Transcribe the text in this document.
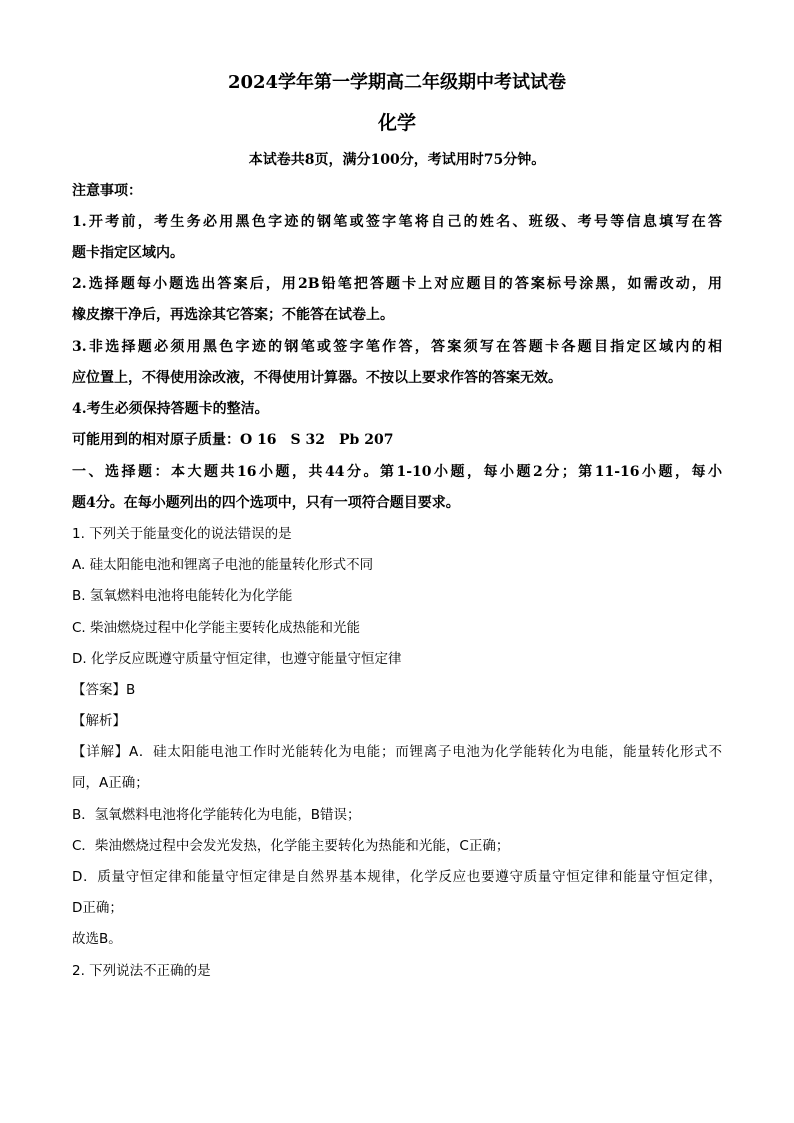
2024学年第一学期高二年级期中考试试卷
化学
本试卷共8页，满分100分，考试用时75分钟。
注意事项：
1.开考前，考生务必用黑色字迹的钢笔或签字笔将自己的姓名、班级、考号等信息填写在答
题卡指定区域内。
2.选择题每小题选出答案后，用2B铅笔把答题卡上对应题目的答案标号涂黑，如需改动，用
橡皮擦干净后，再选涂其它答案；不能答在试卷上。
3.非选择题必须用黑色字迹的钢笔或签字笔作答，答案须写在答题卡各题目指定区域内的相
应位置上，不得使用涂改液，不得使用计算器。不按以上要求作答的答案无效。
4.考生必须保持答题卡的整洁。
可能用到的相对原子质量：O 16　S 32　Pb 207
一、选择题：本大题共16小题，共44分。第1-10小题，每小题2分；第11-16小题，每小
题4分。在每小题列出的四个选项中，只有一项符合题目要求。
1. 下列关于能量变化的说法错误的是
A. 硅太阳能电池和锂离子电池的能量转化形式不同
B. 氢氧燃料电池将电能转化为化学能
C. 柴油燃烧过程中化学能主要转化成热能和光能
D. 化学反应既遵守质量守恒定律，也遵守能量守恒定律
【答案】B
【解析】
【详解】A．硅太阳能电池工作时光能转化为电能；而锂离子电池为化学能转化为电能，能量转化形式不
同，A正确；
B．氢氧燃料电池将化学能转化为电能，B错误；
C．柴油燃烧过程中会发光发热，化学能主要转化为热能和光能，C正确；
D．质量守恒定律和能量守恒定律是自然界基本规律，化学反应也要遵守质量守恒定律和能量守恒定律，
D正确；
故选B。
2. 下列说法不正确的是
